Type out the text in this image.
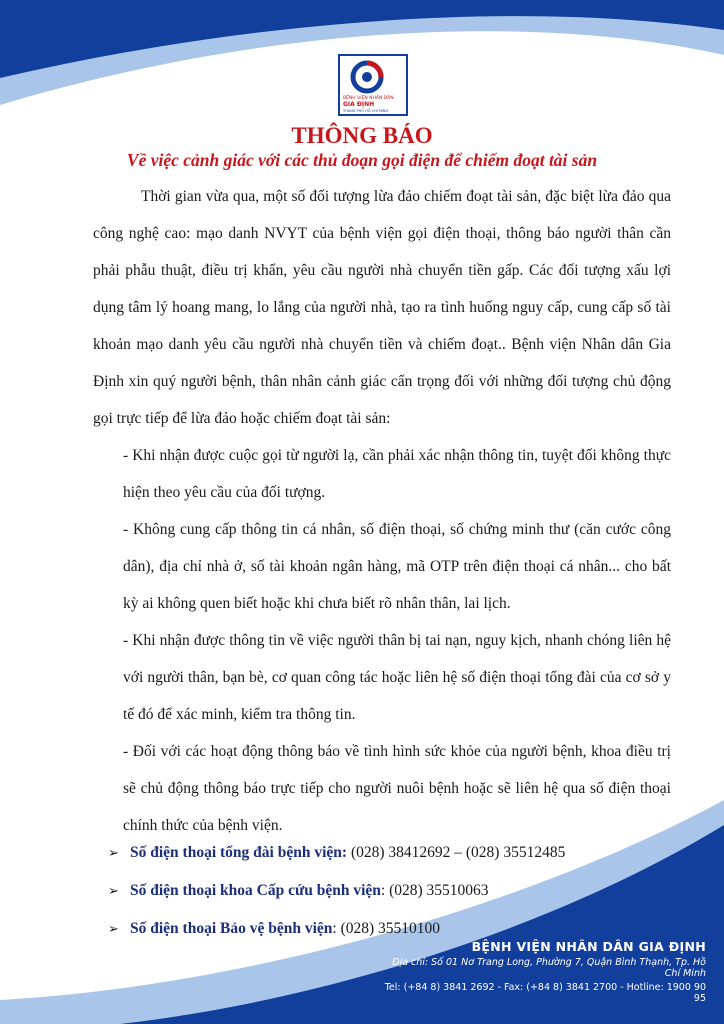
BỆNH VIỆN NHÂN DÂN
GIA ĐỊNH
THÀNH PHỐ HỒ CHÍ MINH
THÔNG BÁO
Về việc cảnh giác với các thủ đoạn gọi điện để chiếm đoạt tài sản

Thời gian vừa qua, một số đối tượng lừa đảo chiếm đoạt tài sản, đặc biệt lừa đảo qua công nghệ cao: mạo danh NVYT của bệnh viện gọi điện thoại, thông báo người thân cần phải phẫu thuật, điều trị khẩn, yêu cầu người nhà chuyển tiền gấp. Các đối tượng xấu lợi dụng tâm lý hoang mang, lo lắng của người nhà, tạo ra tình huống nguy cấp, cung cấp số tài khoản mạo danh yêu cầu người nhà chuyển tiền và chiếm đoạt.. Bệnh viện Nhân dân Gia Định xin quý người bệnh, thân nhân cảnh giác cẩn trọng đối với những đối tượng chủ động gọi trực tiếp để lừa đảo hoặc chiếm đoạt tài sản:

- Khi nhận được cuộc gọi từ người lạ, cần phải xác nhận thông tin, tuyệt đối không thực hiện theo yêu cầu của đối tượng.

- Không cung cấp thông tin cá nhân, số điện thoại, số chứng minh thư (căn cước công dân), địa chỉ nhà ở, số tài khoản ngân hàng, mã OTP trên điện thoại cá nhân... cho bất kỳ ai không quen biết hoặc khi chưa biết rõ nhân thân, lai lịch.

- Khi nhận được thông tin về việc người thân bị tai nạn, nguy kịch, nhanh chóng liên hệ với người thân, bạn bè, cơ quan công tác hoặc liên hệ số điện thoại tổng đài của cơ sở y tế đó để xác minh, kiểm tra thông tin.

- Đối với các hoạt động thông báo về tình hình sức khỏe của người bệnh, khoa điều trị sẽ chủ động thông báo trực tiếp cho người nuôi bệnh hoặc sẽ liên hệ qua số điện thoại chính thức của bệnh viện.

➢ Số điện thoại tổng đài bệnh viện: (028) 38412692 – (028) 35512485
➢ Số điện thoại khoa Cấp cứu bệnh viện: (028) 35510063
➢ Số điện thoại Bảo vệ bệnh viện: (028) 35510100
BỆNH VIỆN NHÂN DÂN GIA ĐỊNH
Địa chỉ: Số 01 Nơ Trang Long, Phường 7, Quận Bình Thạnh, Tp. Hồ Chí Minh
Tel: (+84 8) 3841 2692 - Fax: (+84 8) 3841 2700 - Hotline: 1900 90 95
